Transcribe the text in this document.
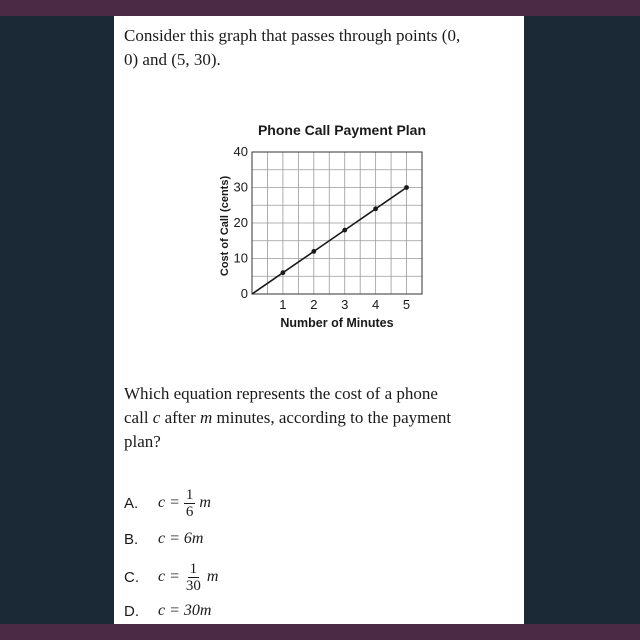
Consider this graph that passes through points (0,
0) and (5, 30).
Phone Call Payment Plan
Cost of Call (cents)
Number of Minutes
0
10
20
30
40
1 2 3 4 5
Which equation represents the cost of a phone
call c after m minutes, according to the payment
plan?
A.	$c = \frac{1}{6}$ m
B.	c = 6m
C.	$c = \frac{1}{30}$ m
D.	c = 30m
